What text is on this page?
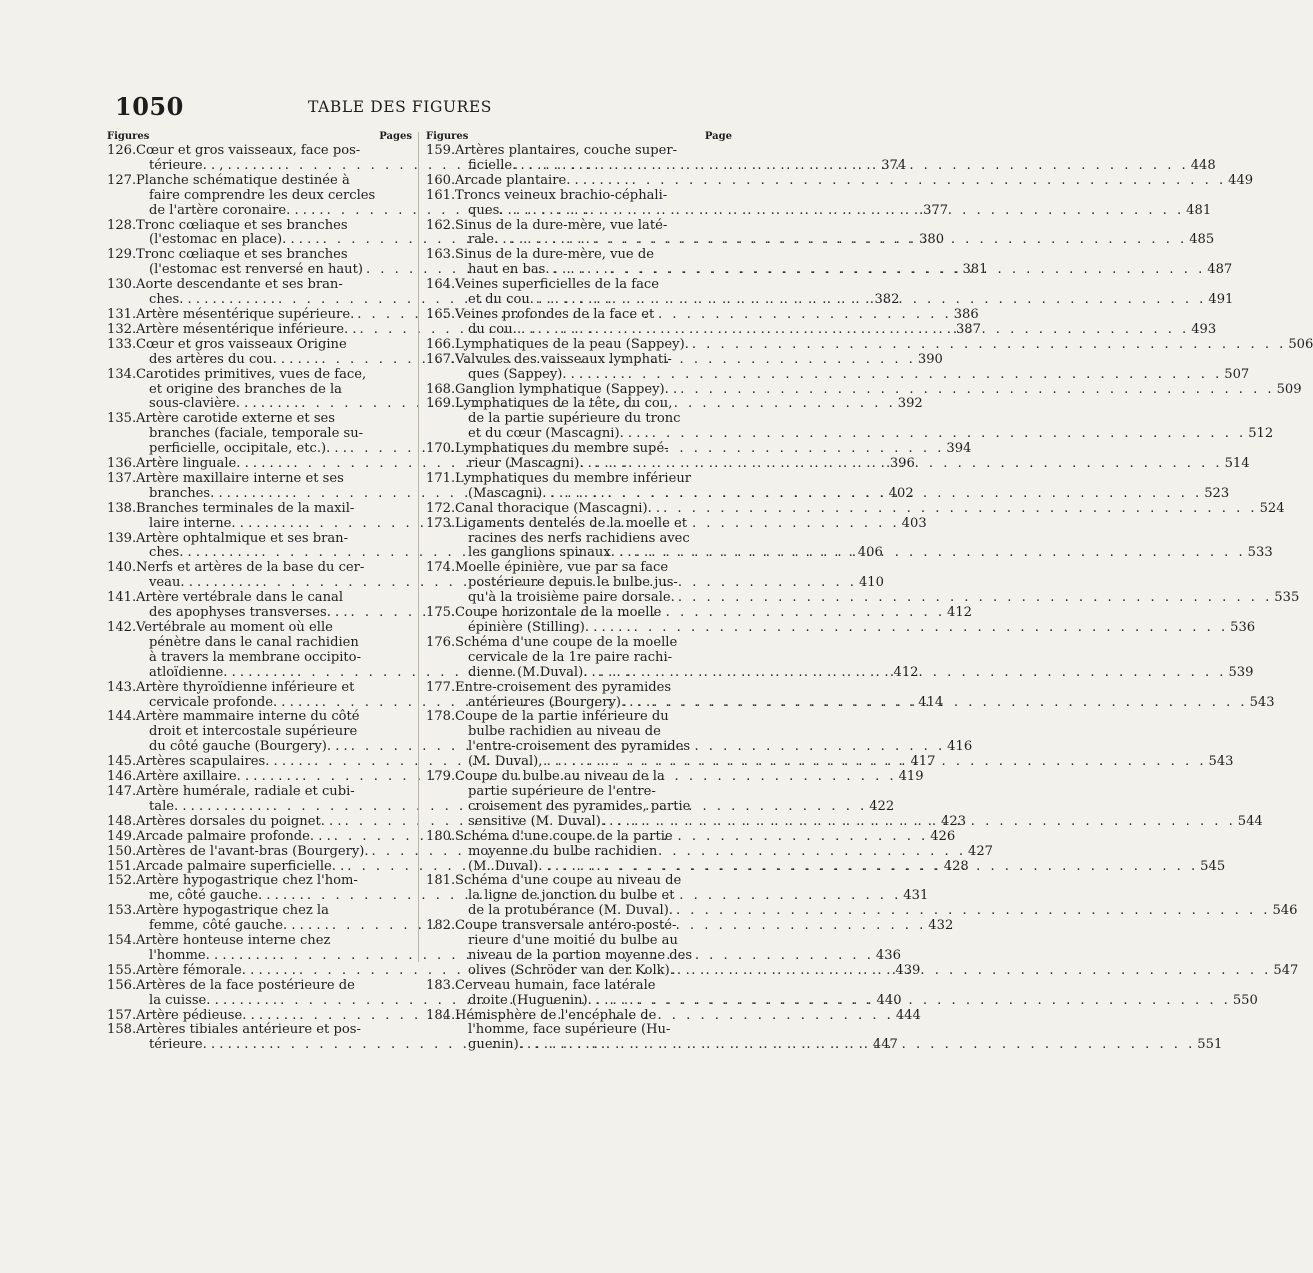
1050	TABLE DES FIGURES
Figures	Pages
126. Cœur et gros vaisseaux, face pos-
térieure. . , . . . . . . . . . .	374
127. Planche schématique destinée à
faire comprendre les deux cercles
de l'artère coronaire. . . . . . . .	377
128. Tronc cœliaque et ses branches
(l'estomac en place). . . . . . . .	380
129. Tronc cœliaque et ses branches
(l'estomac est renversé en haut) . . .	381
130. Aorte descendante et ses bran-
ches. . . . . . . . . . . . . . .	382
131. Artère mésentérique supérieure. . . .	386
132. Artère mésentérique inférieure. . . . .	387
133. Cœur et gros vaisseaux Origine
des artères du cou. . . . . . . . .	390
134. Carotides primitives, vues de face,
et origine des branches de la
sous-clavière. . . . . . . . . . .	392
135. Artère carotide externe et ses
branches (faciale, temporale su-
perficielle, occipitale, etc.). . . . . .	394
136. Artère linguale. . . . . . . . . .	396
137. Artère maxillaire interne et ses
branches. . . . . . . . . . . . .	402
138. Branches terminales de la maxil-
laire interne. . . . . . . . . . . .	403
139. Artère ophtalmique et ses bran-
ches. . . . . . . . . . . . .	406
140. Nerfs et artères de la base du cer-
veau. . . . . . . . . . . . .	410
141. Artère vertébrale dans le canal
des apophyses transverses. . . . . .	412
142. Vertébrale au moment où elle
pénètre dans le canal rachidien
à travers la membrane occipito-
atloïdienne. . . . . . . . . . . .	412
143. Artère thyroïdienne inférieure et
cervicale profonde. . . . . . . . .	414
144. Artère mammaire interne du côté
droit et intercostale supérieure
du côté gauche (Bourgery). . . . . .	416
145. Artères scapulaires. . . . . . . . .	417
146. Artère axillaire. . . . . . . . . . .	419
147. Artère humérale, radiale et cubi-
tale. . . . . . . . . . . . . . .	422
148. Artères dorsales du poignet. . . . . .	423
149. Arcade palmaire profonde. . . . . .	426
150. Artères de l'avant-bras (Bourgery). . . .	427
151. Arcade palmaire superficielle. . . . .	428
152. Artère hypogastrique chez l'hom-
me, côté gauche. . . . . . . . .	431
153. Artère hypogastrique chez la
femme, côté gauche. . . . . . . . .	432
154. Artère honteuse interne chez
l'homme. . . . . . . . . . . .	436
155. Artère fémorale. . . . . . . . . .	439
156. Artères de la face postérieure de
la cuisse. . . . . . . . . . . .	440
157. Artère pédieuse. . . . . . . . . .	444
158. Artères tibiales antérieure et pos-
térieure. . . . . . . . . . . .	447
Figures	Page
159. Artères plantaires, couche super-
ficielle. . . . . . . . . . . . .	448
160. Arcade plantaire. . . . . . . . . . .	449
161. Troncs veineux brachio-céphali-
ques. . . . . . . . . . . . . .	481
162. Sinus de la dure-mère, vue laté-
rale. . . . . . . . . . . . . . .	485
163. Sinus de la dure-mère, vue de
haut en bas. . . . . . . . . . .	487
164. Veines superficielles de la face
et du cou. . . . . . . . . . . . .	491
165. Veines profondes de la face et
du cou. . . . . . . . . . . . .	493
166. Lymphatiques de la peau (Sappey). . . .	506
167. Valvules des vaisseaux lymphati-
ques (Sappey). . . . . . . . . . .	507
168. Ganglion lymphatique (Sappey). . . . .	509
169. Lymphatiques de la tête, du cou,
de la partie supérieure du tronc
et du cœur (Mascagni). . . . . . .	512
170. Lymphatiques du membre supé-
rieur (Mascagni). . . . . . . . .	514
171. Lymphatiques du membre inférieur
(Mascagni). . . . . . . . . . .	523
172. Canal thoracique (Mascagni). . . . .	524
173. Ligaments dentelés de la moelle et
racines des nerfs rachidiens avec
les ganglions spinaux. . . . . . . .	533
174. Moelle épinière, vue par sa face
postérieure depuis le bulbe jus-
qu'à la troisième paire dorsale. . . .	535
175. Coupe horizontale de la moelle
épinière (Stilling). . . . . . . . .	536
176. Schéma d'une coupe de la moelle
cervicale de la 1re paire rachi-
dienne (M.Duval). . . . . . . . .	539
177. Entre-croisement des pyramides
antérieures (Bourgery). . . . . . .	543
178. Coupe de la partie inférieure du
bulbe rachidien au niveau de
l'entre-croisement des pyramides
(M. Duval), . . . . . . . . . . .	543
179. Coupe du bulbe au niveau de la
partie supérieure de l'entre-
croisement des pyramides, partie
sensitive (M. Duval). . . . . . . .	544
180. Schéma d'une coupe de la partie
moyenne du bulbe rachidien
(M. Duval). . . . . . . . . . .	545
181. Schéma d'une coupe au niveau de
la ligne de jonction du bulbe et
de la protubérance (M. Duval). . . .	546
182. Coupe transversale antéro-posté-
rieure d'une moitié du bulbe au
niveau de la portion moyenne des
olives (Schröder van der Kolk). . . .	547
183. Cerveau humain, face latérale
droite (Huguenin). . . . . . . . .	550
184. Hémisphère de l'encéphale de
l'homme, face supérieure (Hu-
guenin). . . . . . . . . . . . .	551
